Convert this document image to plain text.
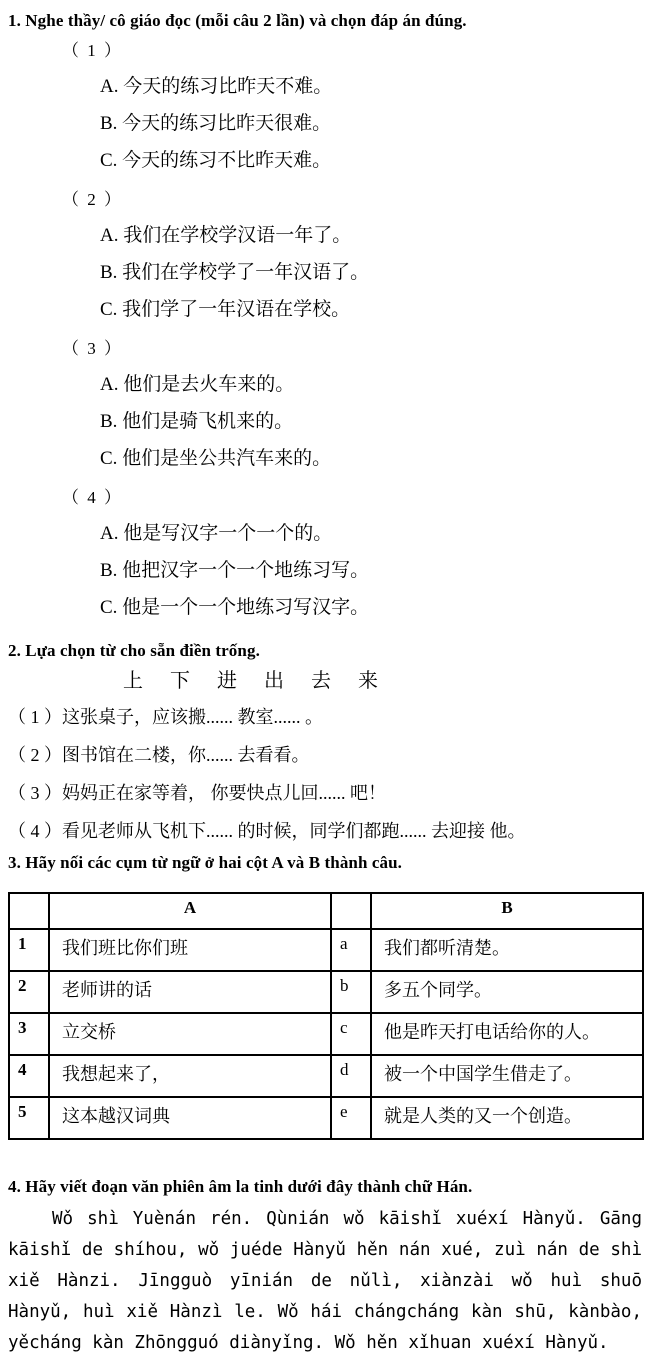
1. Nghe thầy/ cô giáo đọc (mỗi câu 2 lần) và chọn đáp án đúng.
（ 1 ）
A. 今天的练习比昨天不难。
B. 今天的练习比昨天很难。
C. 今天的练习不比昨天难。
（ 2 ）
A. 我们在学校学汉语一年了。
B. 我们在学校学了一年汉语了。
C. 我们学了一年汉语在学校。
（ 3 ）
A. 他们是去火车来的。
B. 他们是骑飞机来的。
C. 他们是坐公共汽车来的。
（ 4 ）
A. 他是写汉字一个一个的。
B. 他把汉字一个一个地练习写。
C. 他是一个一个地练习写汉字。
2. Lựa chọn từ cho sẵn điền trống.
上 下 进 出 去 来
（ 1 ）这张桌子，应该搬...... 教室...... 。
（ 2 ）图书馆在二楼，你...... 去看看。
（ 3 ）妈妈正在家等着， 你要快点儿回...... 吧！
（ 4 ）看见老师从飞机下...... 的时候，同学们都跑...... 去迎接 他。
3. Hãy nối các cụm từ ngữ ở hai cột A và B thành câu.
	A		B
1	我们班比你们班	a	我们都听清楚。
2	老师讲的话	b	多五个同学。
3	立交桥	c	他是昨天打电话给你的人。
4	我想起来了，	d	被一个中国学生借走了。
5	这本越汉词典	e	就是人类的又一个创造。
4. Hãy viết đoạn văn phiên âm la tinh dưới đây thành chữ Hán.

Wǒ shì Yuènán rén. Qùnián wǒ kāishǐ xuéxí Hànyǔ. Gāng kāishǐ de shíhou, wǒ juéde Hànyǔ hěn nán xué, zuì nán de shì xiě Hànzi. Jīngguò yīnián de nǔlì, xiànzài wǒ huì shuō Hànyǔ, huì xiě Hànzì le. Wǒ hái chángcháng kàn shū, kànbào, yěcháng kàn Zhōngguó diànyǐng. Wǒ hěn xǐhuan xuéxí Hànyǔ.
